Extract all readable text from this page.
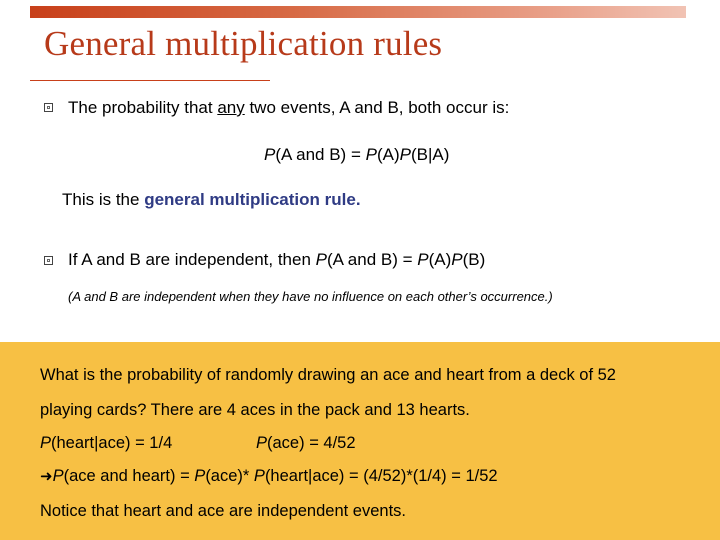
General multiplication rules
The probability that any two events, A and B, both occur is:
P(A and B) = P(A)P(B|A)
This is the general multiplication rule.
If A and B are independent, then P(A and B) = P(A)P(B)
(A and B are independent when they have no influence on each other’s occurrence.)
What is the probability of randomly drawing an ace and heart from a deck of 52
playing cards? There are 4 aces in the pack and 13 hearts.
P(heart|ace) = 1/4	P(ace) = 4/52
➜P(ace and heart) = P(ace)* P(heart|ace) = (4/52)*(1/4) = 1/52
Notice that heart and ace are independent events.
